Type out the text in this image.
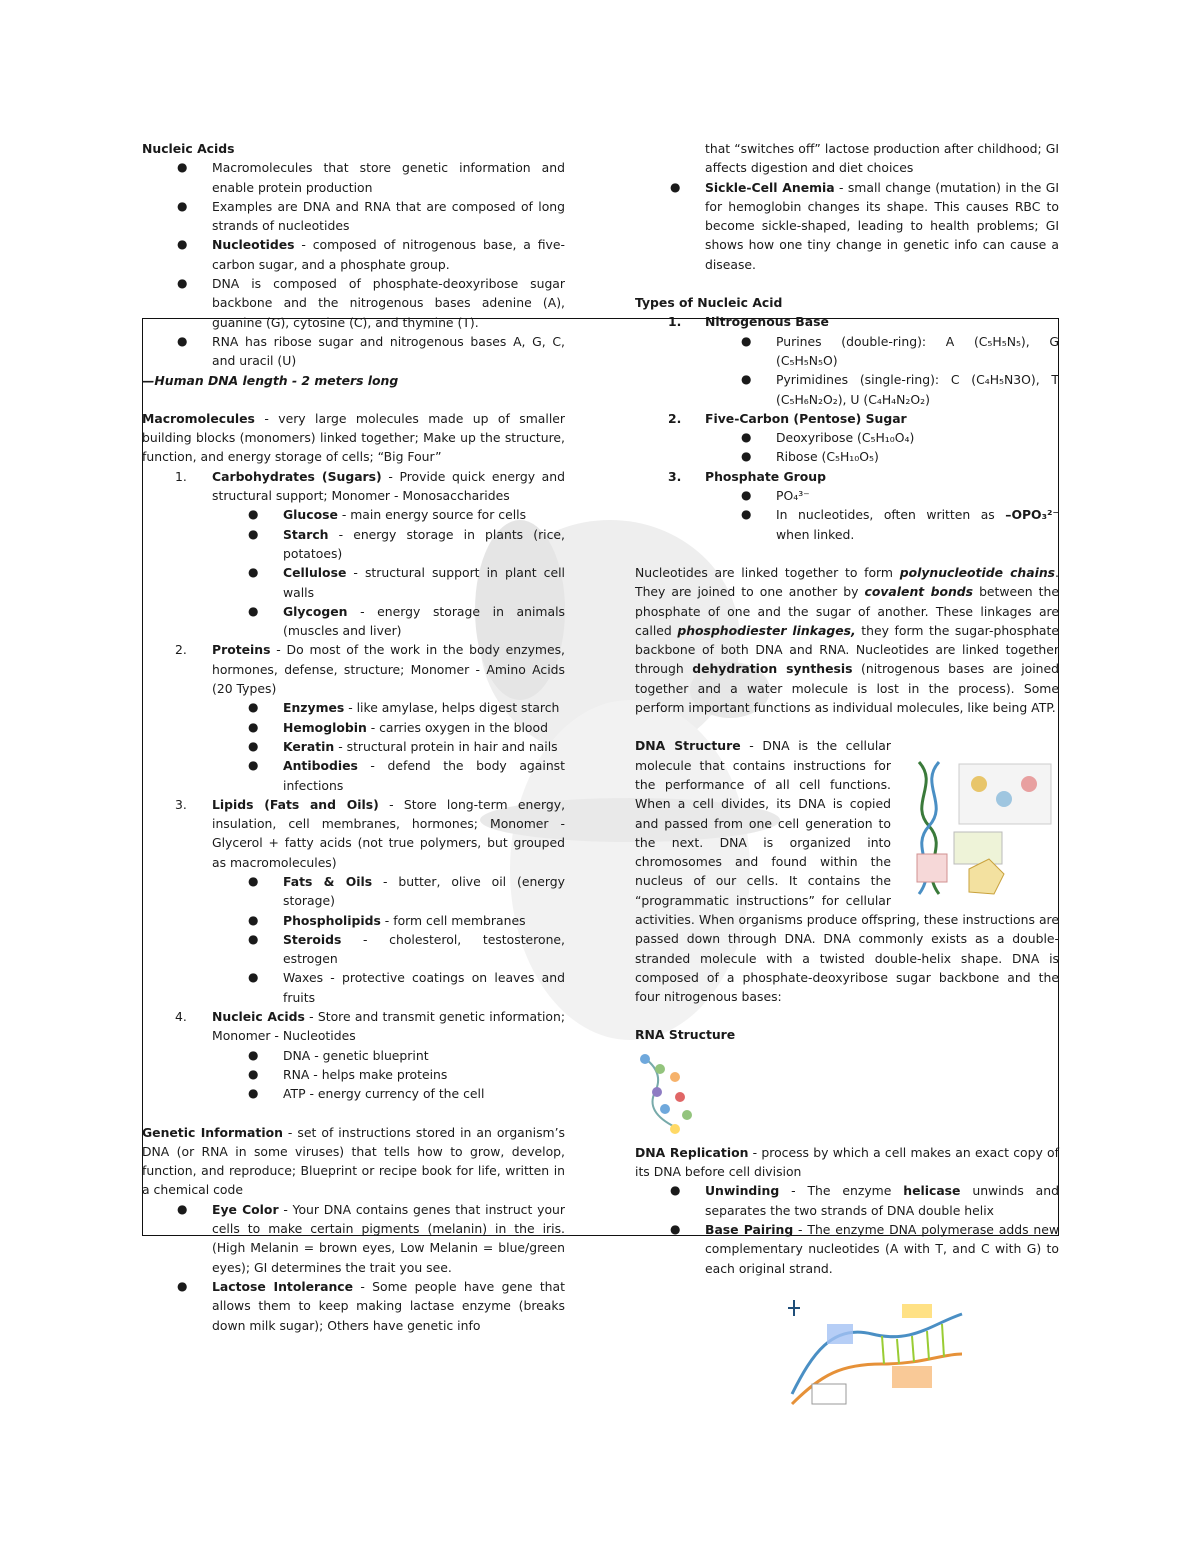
Nucleic Acids

● Macromolecules that store genetic information and enable protein production
● Examples are DNA and RNA that are composed of long strands of nucleotides
● Nucleotides - composed of nitrogenous base, a five-carbon sugar, and a phosphate group.
● DNA is composed of phosphate-deoxyribose sugar backbone and the nitrogenous bases adenine (A), guanine (G), cytosine (C), and thymine (T).
● RNA has ribose sugar and nitrogenous bases A, G, C, and uracil (U)

—Human DNA length - 2 meters long

Macromolecules - very large molecules made up of smaller building blocks (monomers) linked together; Make up the structure, function, and energy storage of cells; “Big Four”

1. Carbohydrates (Sugars) - Provide quick energy and structural support; Monomer - Monosaccharides
● Glucose - main energy source for cells
● Starch - energy storage in plants (rice, potatoes)
● Cellulose - structural support in plant cell walls
● Glycogen - energy storage in animals (muscles and liver)
2. Proteins - Do most of the work in the body enzymes, hormones, defense, structure; Monomer - Amino Acids (20 Types)
● Enzymes - like amylase, helps digest starch
● Hemoglobin - carries oxygen in the blood
● Keratin - structural protein in hair and nails
● Antibodies - defend the body against infections
3. Lipids (Fats and Oils) - Store long-term energy, insulation, cell membranes, hormones; Monomer - Glycerol + fatty acids (not true polymers, but grouped as macromolecules)
● Fats & Oils - butter, olive oil (energy storage)
● Phospholipids - form cell membranes
● Steroids - cholesterol, testosterone, estrogen
● Waxes - protective coatings on leaves and fruits
4. Nucleic Acids - Store and transmit genetic information; Monomer - Nucleotides
● DNA - genetic blueprint
● RNA - helps make proteins
● ATP - energy currency of the cell

Genetic Information - set of instructions stored in an organism’s DNA (or RNA in some viruses) that tells how to grow, develop, function, and reproduce; Blueprint or recipe book for life, written in a chemical code

● Eye Color - Your DNA contains genes that instruct your cells to make certain pigments (melanin) in the iris. (High Melanin = brown eyes, Low Melanin = blue/green eyes); GI determines the trait you see.
● Lactose Intolerance - Some people have gene that allows them to keep making lactase enzyme (breaks down milk sugar); Others have genetic info

that “switches off” lactose production after childhood; GI affects digestion and diet choices

● Sickle-Cell Anemia - small change (mutation) in the GI for hemoglobin changes its shape. This causes RBC to become sickle-shaped, leading to health problems; GI shows how one tiny change in genetic info can cause a disease.

Types of Nucleic Acid

1. Nitrogenous Base
● Purines (double-ring): A (C₅H₅N₅), G (C₅H₅N₅O)
● Pyrimidines (single-ring): C (C₄H₅N3O), T (C₅H₆N₂O₂), U (C₄H₄N₂O₂)
2. Five-Carbon (Pentose) Sugar
● Deoxyribose (C₅H₁₀O₄)
● Ribose (C₅H₁₀O₅)
3. Phosphate Group
● PO₄³⁻
● In nucleotides, often written as –OPO₃²⁻ when linked.

Nucleotides are linked together to form polynucleotide chains. They are joined to one another by covalent bonds between the phosphate of one and the sugar of another. These linkages are called phosphodiester linkages, they form the sugar-phosphate backbone of both DNA and RNA. Nucleotides are linked together through dehydration synthesis (nitrogenous bases are joined together and a water molecule is lost in the process). Some perform important functions as individual molecules, like being ATP.

DNA Structure - DNA is the cellular molecule that contains instructions for the performance of all cell functions. When a cell divides, its DNA is copied and passed from one cell generation to the next. DNA is organized into chromosomes and found within the nucleus of our cells. It contains the “programmatic instructions” for cellular activities. When organisms produce offspring, these instructions are passed down through DNA. DNA commonly exists as a double-stranded molecule with a twisted double-helix shape. DNA is composed of a phosphate-deoxyribose sugar backbone and the four nitrogenous bases:

RNA Structure

DNA Replication - process by which a cell makes an exact copy of its DNA before cell division

● Unwinding - The enzyme helicase unwinds and separates the two strands of DNA double helix
● Base Pairing - The enzyme DNA polymerase adds new complementary nucleotides (A with T, and C with G) to each original strand.
